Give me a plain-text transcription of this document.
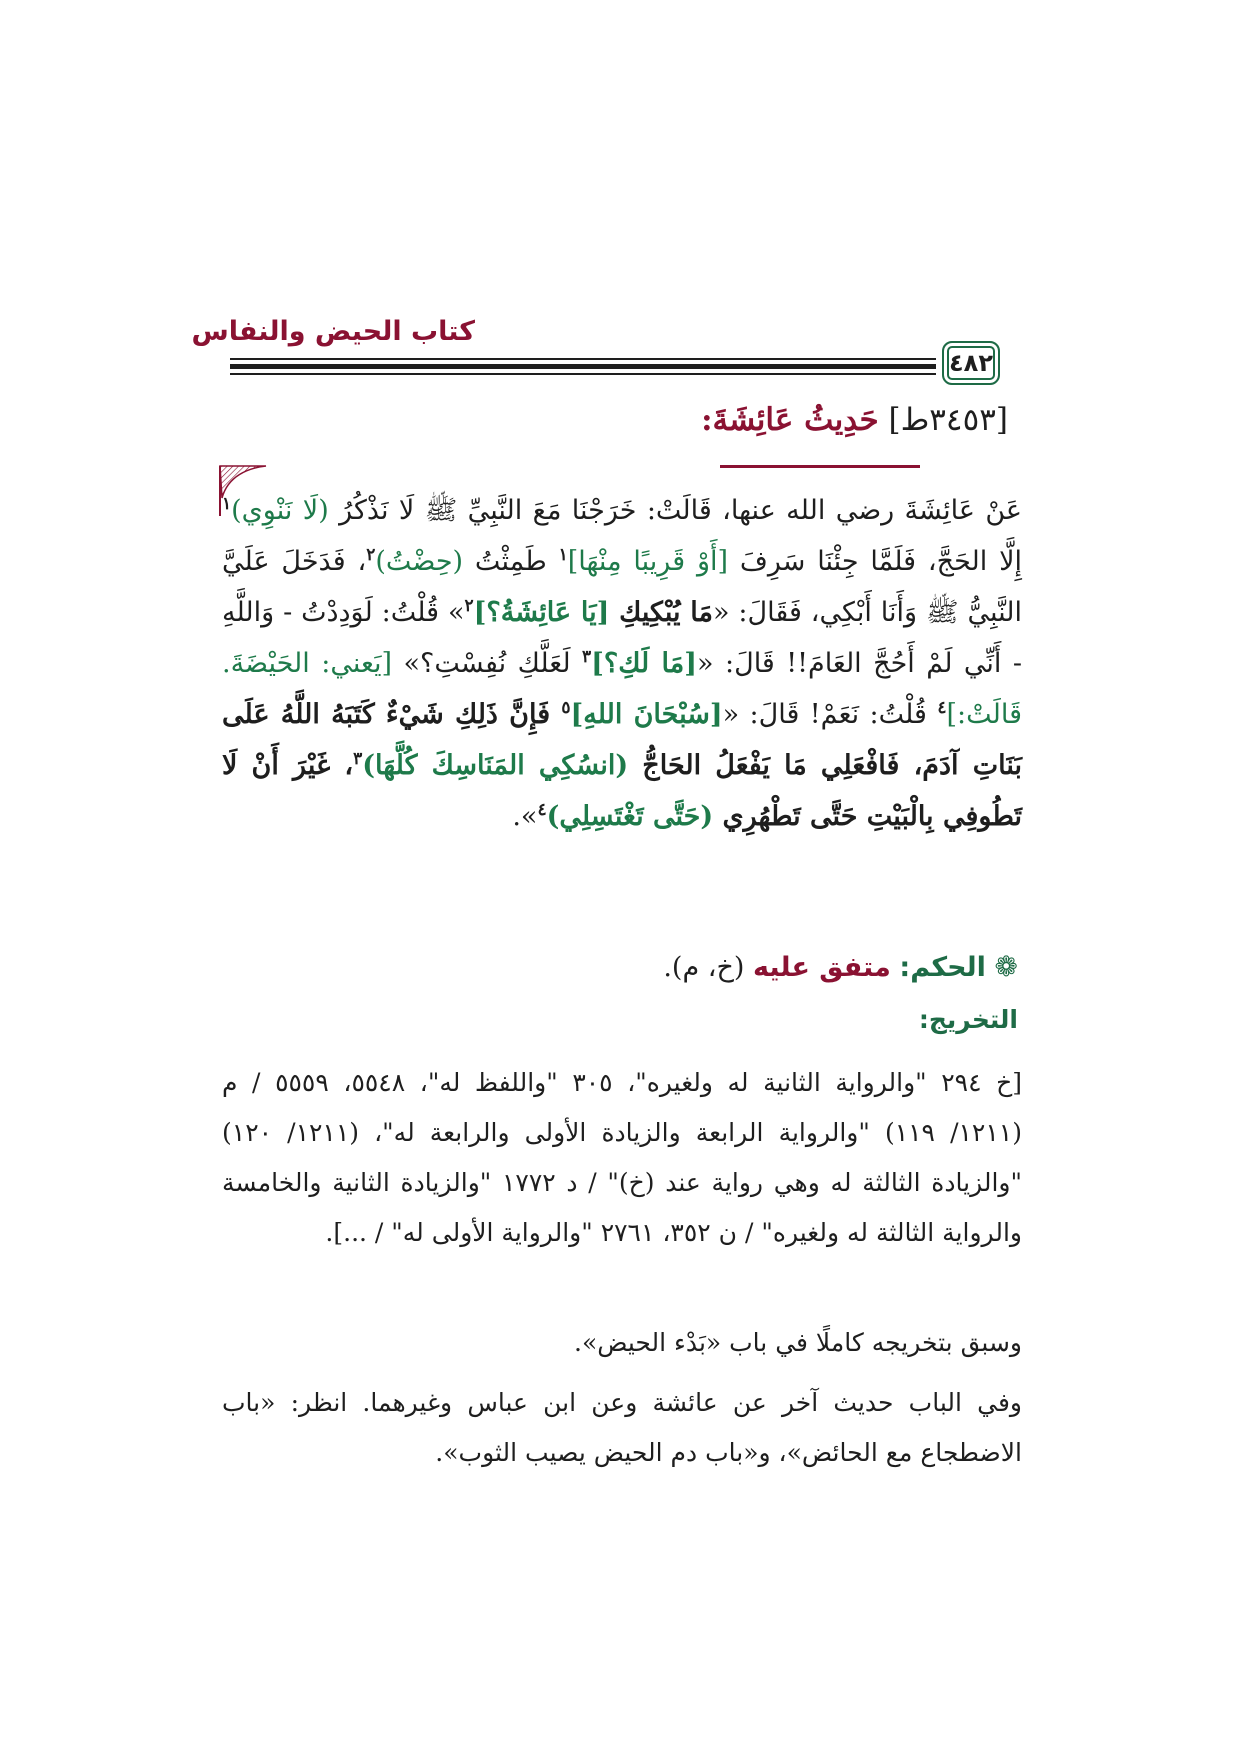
كتاب الحيض والنفاس
٤٨٢
[٣٤٥٣ط] حَدِيثُ عَائِشَةَ:
عَنْ عَائِشَةَ رضي الله عنها، قَالَتْ: خَرَجْنَا مَعَ النَّبِيِّ ﷺ لَا نَذْكُرُ (لَا نَنْوِي)$^١$ إِلَّا الحَجَّ، فَلَمَّا جِئْنَا سَرِفَ [أَوْ قَرِيبًا مِنْهَا]$^١$ طَمِثْتُ (حِضْتُ)$^٢$، فَدَخَلَ عَلَيَّ النَّبِيُّ ﷺ وَأَنَا أَبْكِي، فَقَالَ: «مَا يُبْكِيكِ [يَا عَائِشَةُ؟]$^٢$» قُلْتُ: لَوَدِدْتُ - وَاللَّهِ - أَنِّي لَمْ أَحُجَّ العَامَ!! قَالَ: «[مَا لَكِ؟]$^٣$ لَعَلَّكِ نُفِسْتِ؟» [يَعني: الحَيْضَةَ. قَالَتْ:]$^٤$ قُلْتُ: نَعَمْ! قَالَ: «[سُبْحَانَ اللهِ]$^٥$ فَإِنَّ ذَلِكِ شَيْءٌ كَتَبَهُ اللَّهُ عَلَى بَنَاتِ آدَمَ، فَافْعَلِي مَا يَفْعَلُ الحَاجُّ (انسُكِي المَنَاسِكَ كُلَّهَا)$^٣$، غَيْرَ أَنْ لَا تَطُوفِي بِالْبَيْتِ حَتَّى تَطْهُرِي (حَتَّى تَغْتَسِلِي)$^٤$».
❁ الحكم: متفق عليه (خ، م).
التخريج:
[خ ٢٩٤ "والرواية الثانية له ولغيره"، ٣٠٥ "واللفظ له"، ٥٥٤٨، ٥٥٥٩ / م (١٢١١/ ١١٩) "والرواية الرابعة والزيادة الأولى والرابعة له"، (١٢١١/ ١٢٠) "والزيادة الثالثة له وهي رواية عند (خ)" / د ١٧٧٢ "والزيادة الثانية والخامسة والرواية الثالثة له ولغيره" / ن ٣٥٢، ٢٧٦١ "والرواية الأولى له" / ...].
وسبق بتخريجه كاملًا في باب «بَدْء الحيض».
وفي الباب حديث آخر عن عائشة وعن ابن عباس وغيرهما. انظر: «باب الاضطجاع مع الحائض»، و«باب دم الحيض يصيب الثوب».
